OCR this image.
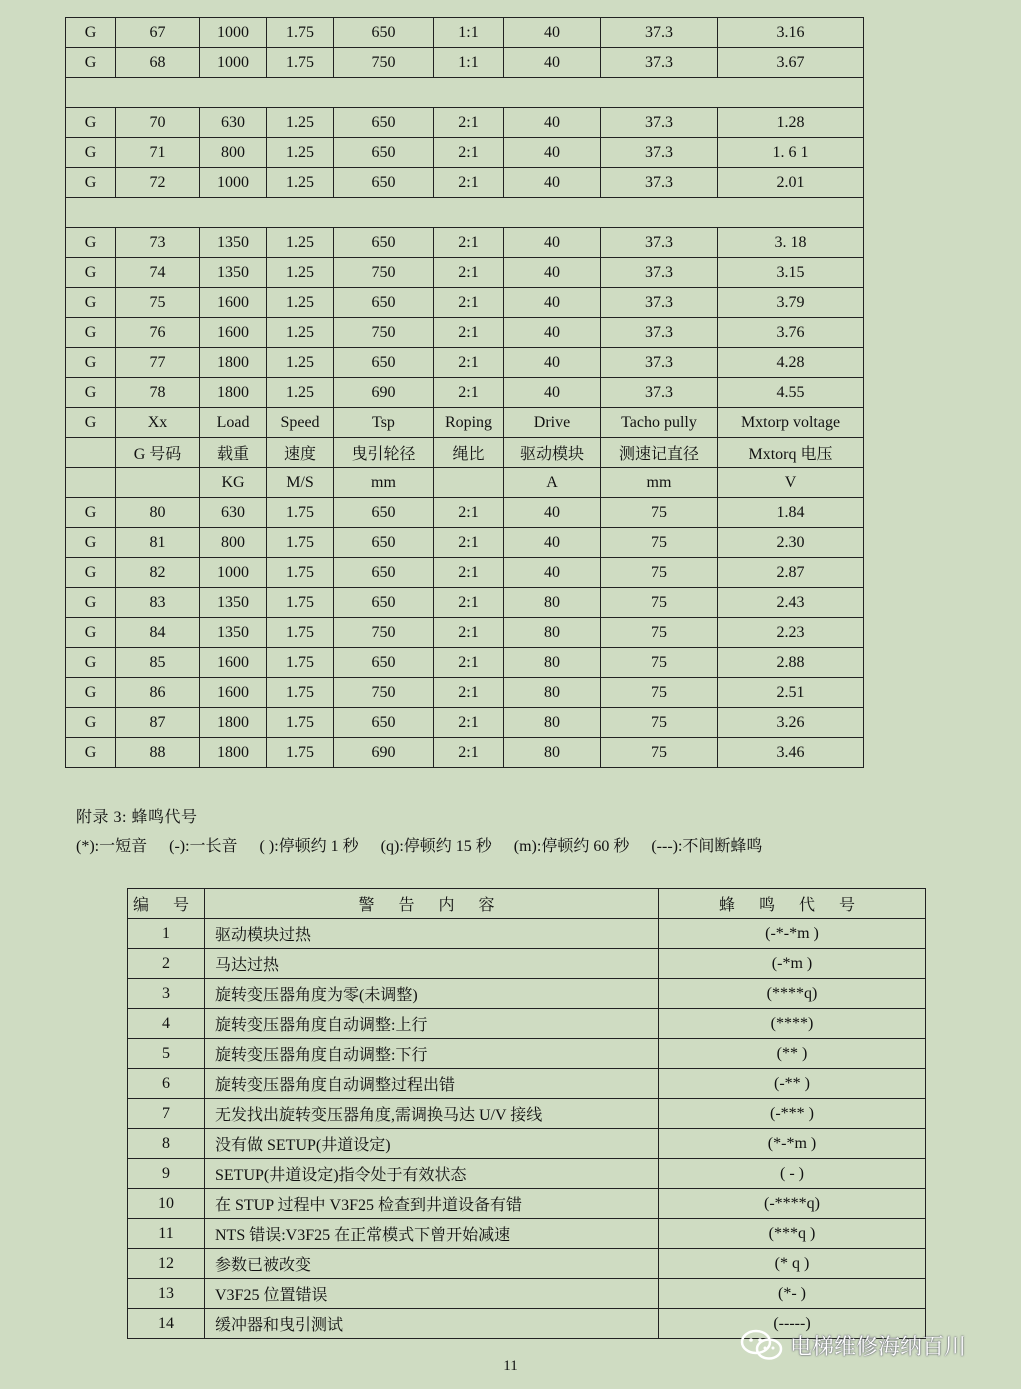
G	67	1000	1.75	650	1:1	40	37.3	3.16
G	68	1000	1.75	750	1:1	40	37.3	3.67

G	70	630	1.25	650	2:1	40	37.3	1.28
G	71	800	1.25	650	2:1	40	37.3	1. 6 1
G	72	1000	1.25	650	2:1	40	37.3	2.01

G	73	1350	1.25	650	2:1	40	37.3	3. 18
G	74	1350	1.25	750	2:1	40	37.3	3.15
G	75	1600	1.25	650	2:1	40	37.3	3.79
G	76	1600	1.25	750	2:1	40	37.3	3.76
G	77	1800	1.25	650	2:1	40	37.3	4.28
G	78	1800	1.25	690	2:1	40	37.3	4.55
G	Xx	Load	Speed	Tsp	Roping	Drive	Tacho pully	Mxtorp voltage
	G 号码	载重	速度	曳引轮径	绳比	驱动模块	测速记直径	Mxtorq 电压
		KG	M/S	mm		A	mm	V
G	80	630	1.75	650	2:1	40	75	1.84
G	81	800	1.75	650	2:1	40	75	2.30
G	82	1000	1.75	650	2:1	40	75	2.87
G	83	1350	1.75	650	2:1	80	75	2.43
G	84	1350	1.75	750	2:1	80	75	2.23
G	85	1600	1.75	650	2:1	80	75	2.88
G	86	1600	1.75	750	2:1	80	75	2.51
G	87	1800	1.75	650	2:1	80	75	3.26
G	88	1800	1.75	690	2:1	80	75	3.46
附录 3: 蜂鸣代号
(*):一短音 (-):一长音 ( ):停顿约 1 秒 (q):停顿约 15 秒 (m):停顿约 60 秒 (---):不间断蜂鸣
编 号	警 告 内 容	蜂 鸣 代 号
1	驱动模块过热	(-*-*m )
2	马达过热	(-*m )
3	旋转变压器角度为零(未调整)	(****q)
4	旋转变压器角度自动调整:上行	(****)
5	旋转变压器角度自动调整:下行	(** )
6	旋转变压器角度自动调整过程出错	(-** )
7	无发找出旋转变压器角度,需调换马达 U/V 接线	(-*** )
8	没有做 SETUP(井道设定)	(*-*m )
9	SETUP(井道设定)指令处于有效状态	( - )
10	在 STUP 过程中 V3F25 检查到井道设备有错	(-****q)
11	NTS 错误:V3F25 在正常模式下曾开始减速	(***q )
12	参数已被改变	(* q )
13	V3F25 位置错误	(*- )
14	缓冲器和曳引测试	(-----)
11
电梯维修海纳百川
